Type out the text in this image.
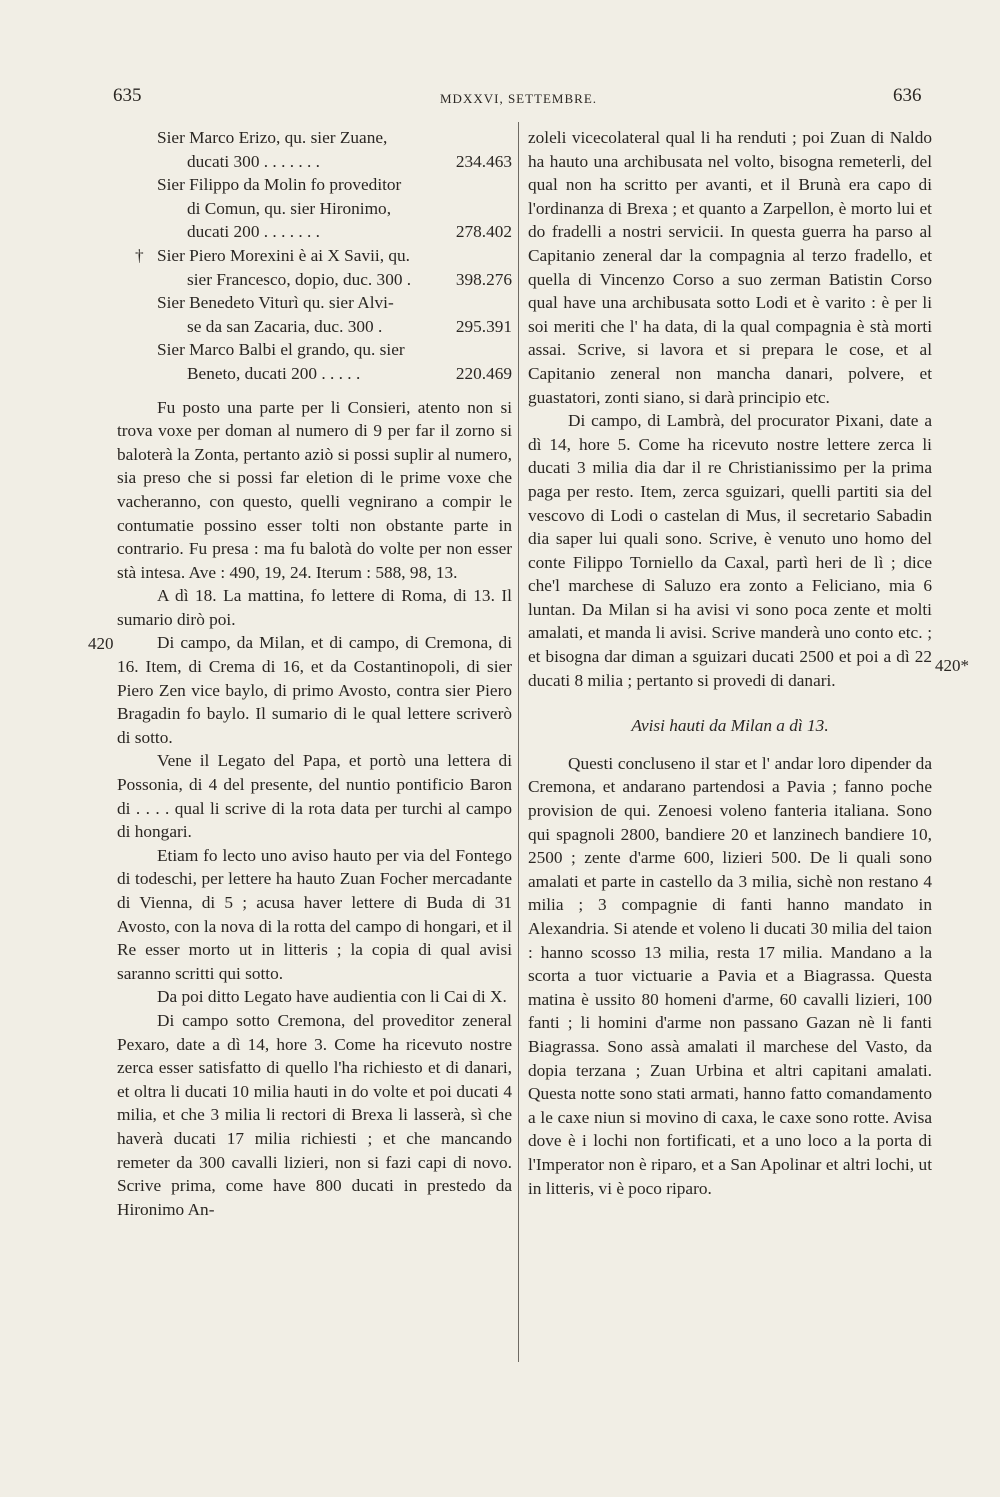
635	MDXXVI, SETTEMBRE.	636
420
420*
Sier Marco Erizo, qu. sier Zuane,
ducati 300 . . . . . . .	234.463
Sier Filippo da Molin fo proveditor
di Comun, qu. sier Hironimo,
ducati 200 . . . . . . .	278.402
† Sier Piero Morexini è ai X Savii, qu.
sier Francesco, dopio, duc. 300 .	398.276
Sier Benedeto Viturì qu. sier Alvi-
se da san Zacaria, duc. 300 .	295.391
Sier Marco Balbi el grando, qu. sier
Beneto, ducati 200 . . . . .	220.469

Fu posto una parte per li Consieri, atento non si trova voxe per doman al numero di 9 per far il zorno si baloterà la Zonta, pertanto aziò si possi suplir al numero, sia preso che si possi far eletion di le prime voxe che vacheranno, con questo, quelli vegnirano a compir le contumatie possino esser tolti non obstante parte in contrario. Fu presa : ma fu balotà do volte per non esser stà intesa. Ave : 490, 19, 24. Iterum : 588, 98, 13.

A dì 18. La mattina, fo lettere di Roma, di 13. Il sumario dirò poi.

Di campo, da Milan, et di campo, di Cremona, di 16. Item, di Crema di 16, et da Costantinopoli, di sier Piero Zen vice baylo, di primo Avosto, contra sier Piero Bragadin fo baylo. Il sumario di le qual lettere scriverò di sotto.

Vene il Legato del Papa, et portò una lettera di Possonia, di 4 del presente, del nuntio pontificio Baron di . . . . qual li scrive di la rota data per turchi al campo di hongari.

Etiam fo lecto uno aviso hauto per via del Fontego di todeschi, per lettere ha hauto Zuan Focher mercadante di Vienna, di 5 ; acusa haver lettere di Buda di 31 Avosto, con la nova di la rotta del campo di hongari, et il Re esser morto ut in litteris ; la copia di qual avisi saranno scritti qui sotto.

Da poi ditto Legato have audientia con li Cai di X.

Di campo sotto Cremona, del proveditor zeneral Pexaro, date a dì 14, hore 3. Come ha ricevuto nostre zerca esser satisfatto di quello l'ha richiesto et di danari, et oltra li ducati 10 milia hauti in do volte et poi ducati 4 milia, et che 3 milia li rectori di Brexa li lasserà, sì che haverà ducati 17 milia richiesti ; et che mancando remeter da 300 cavalli lizieri, non si fazi capi di novo. Scrive prima, come have 800 ducati in prestedo da Hironimo An-

zoleli vicecolateral qual li ha renduti ; poi Zuan di Naldo ha hauto una archibusata nel volto, bisogna remeterli, del qual non ha scritto per avanti, et il Brunà era capo di l'ordinanza di Brexa ; et quanto a Zarpellon, è morto lui et do fradelli a nostri servicii. In questa guerra ha parso al Capitanio zeneral dar la compagnia al terzo fradello, et quella di Vincenzo Corso a suo zerman Batistin Corso qual have una archibusata sotto Lodi et è varito : è per li soi meriti che l' ha data, di la qual compagnia è stà morti assai. Scrive, si lavora et si prepara le cose, et al Capitanio zeneral non mancha danari, polvere, et guastatori, zonti siano, si darà principio etc.

Di campo, di Lambrà, del procurator Pixani, date a dì 14, hore 5. Come ha ricevuto nostre lettere zerca li ducati 3 milia dia dar il re Christianissimo per la prima paga per resto. Item, zerca sguizari, quelli partiti sia del vescovo di Lodi o castelan di Mus, il secretario Sabadin dia saper lui quali sono. Scrive, è venuto uno homo del conte Filippo Torniello da Caxal, partì heri de lì ; dice che'l marchese di Saluzo era zonto a Feliciano, mia 6 luntan. Da Milan si ha avisi vi sono poca zente et molti amalati, et manda li avisi. Scrive manderà uno conto etc. ; et bisogna dar diman a sguizari ducati 2500 et poi a dì 22 ducati 8 milia ; pertanto si provedi di danari.

Avisi hauti da Milan a dì 13.

Questi concluseno il star et l' andar loro dipender da Cremona, et andarano partendosi a Pavia ; fanno poche provision de qui. Zenoesi voleno fanteria italiana. Sono qui spagnoli 2800, bandiere 20 et lanzinech bandiere 10, 2500 ; zente d'arme 600, lizieri 500. De li quali sono amalati et parte in castello da 3 milia, sichè non restano 4 milia ; 3 compagnie di fanti hanno mandato in Alexandria. Si atende et voleno li ducati 30 milia del taion : hanno scosso 13 milia, resta 17 milia. Mandano a la scorta a tuor victuarie a Pavia et a Biagrassa. Questa matina è ussito 80 homeni d'arme, 60 cavalli lizieri, 100 fanti ; li homini d'arme non passano Gazan nè li fanti Biagrassa. Sono assà amalati il marchese del Vasto, da dopia terzana ; Zuan Urbina et altri capitani amalati. Questa notte sono stati armati, hanno fatto comandamento a le caxe niun si movino di caxa, le caxe sono rotte. Avisa dove è i lochi non fortificati, et a uno loco a la porta di l'Imperator non è riparo, et a San Apolinar et altri lochi, ut in litteris, vi è poco riparo.
